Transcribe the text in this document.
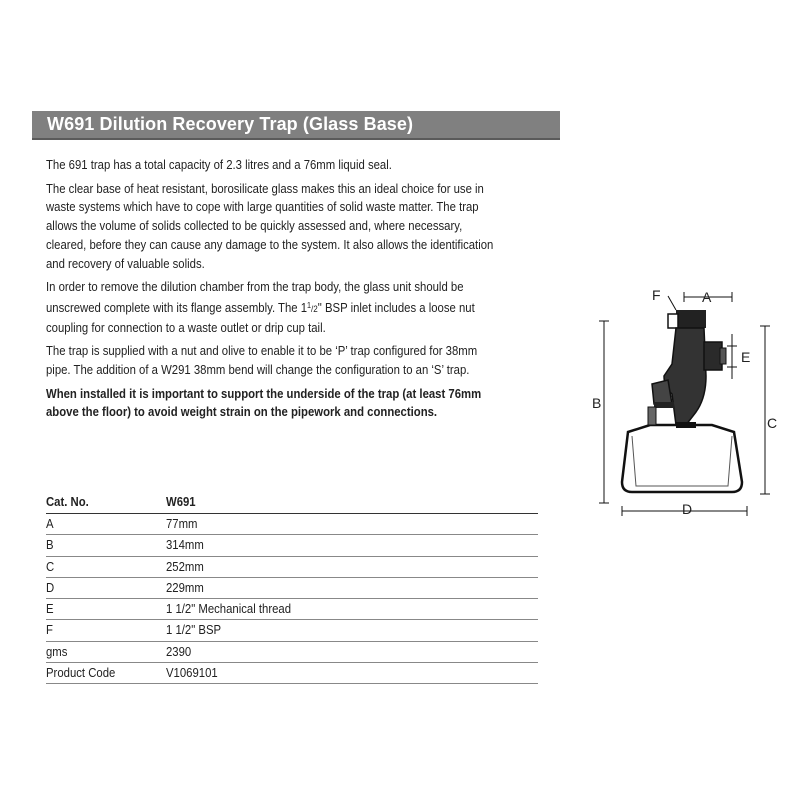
W691 Dilution Recovery Trap (Glass Base)

The 691 trap has a total capacity of 2.3 litres and a 76mm liquid seal.

The clear base of heat resistant, borosilicate glass makes this an ideal choice for use in waste systems which have to cope with large quantities of solid waste matter. The trap allows the volume of solids collected to be quickly assessed and, where necessary, cleared, before they can cause any damage to the system. It also allows the identification and recovery of valuable solids.

In order to remove the dilution chamber from the trap body, the glass unit should be unscrewed complete with its flange assembly. The $1^1/2$" BSP inlet includes a loose nut coupling for connection to a waste outlet or drip cup tail.

The trap is supplied with a nut and olive to enable it to be ‘P’ trap configured for 38mm pipe. The addition of a W291 38mm bend will change the configuration to an ‘S’ trap.

When installed it is important to support the underside of the trap (at least 76mm above the floor) to avoid weight strain on the pipework and connections.

Cat. No.	W691
A	77mm
B	314mm
C	252mm
D	229mm
E	1 1/2" Mechanical thread
F	1 1/2" BSP
gms	2390
Product Code	V1069101
F	A
B
C
D
E
